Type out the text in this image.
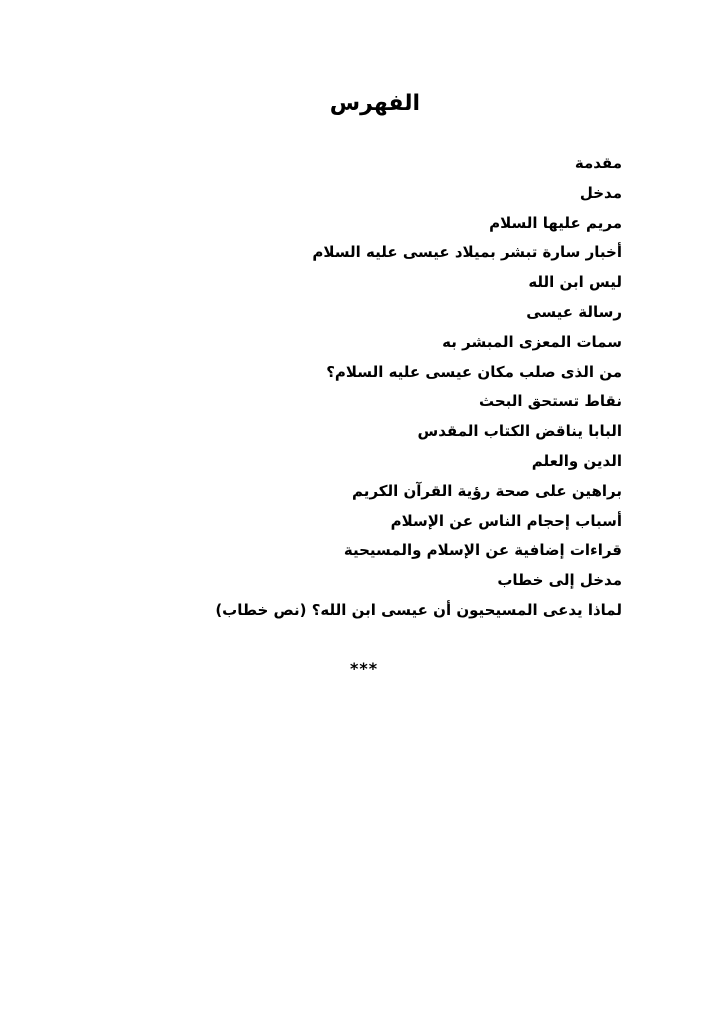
الفهرس
مقدمة
مدخل
مريم عليها السلام
أخبار سارة تبشر بميلاد عيسى عليه السلام
ليس ابن الله
رسالة عيسى
سمات المعزى المبشر به
من الذى صلب مكان عيسى عليه السلام؟
نقاط تستحق البحث
البابا يناقض الكتاب المقدس
الدين والعلم
براهين على صحة رؤية القرآن الكريم
أسباب إحجام الناس عن الإسلام
قراءات إضافية عن الإسلام والمسيحية
مدخل إلى خطاب
لماذا يدعى المسيحيون أن عيسى ابن الله؟ (نص خطاب)
***
